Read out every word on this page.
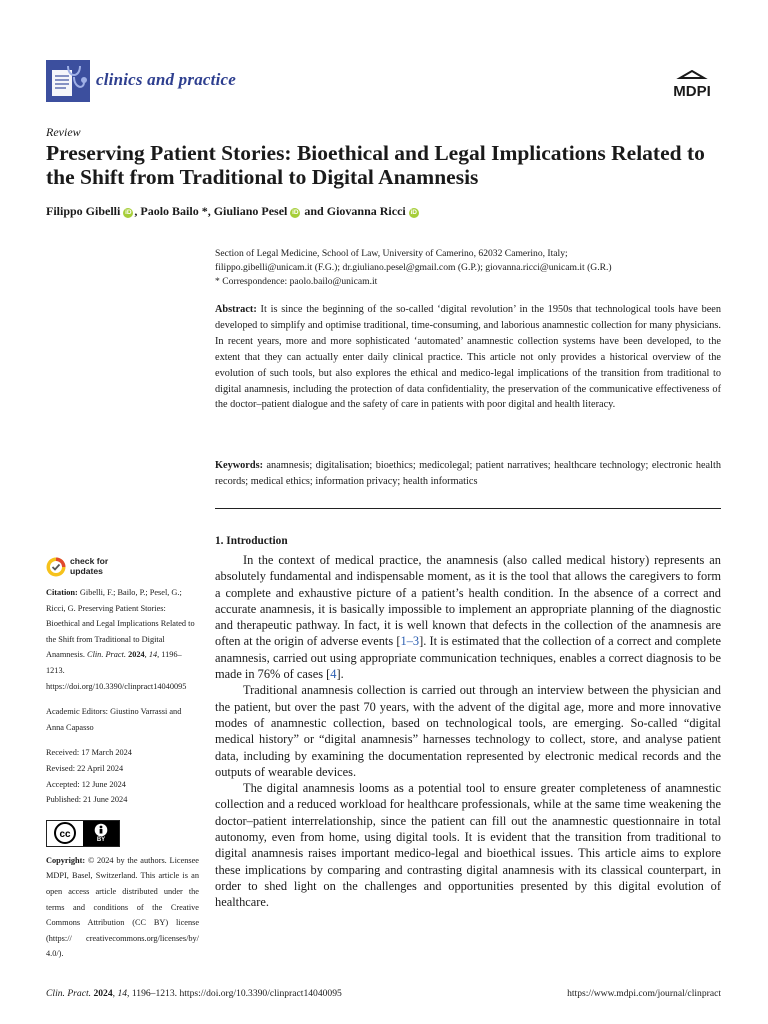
clinics and practice
MDPI
Review
Preserving Patient Stories: Bioethical and Legal Implications Related to the Shift from Traditional to Digital Anamnesis
Filippo Gibelli iD , Paolo Bailo *, Giuliano Pesel iD and Giovanna Ricci iD
Section of Legal Medicine, School of Law, University of Camerino, 62032 Camerino, Italy;
filippo.gibelli@unicam.it (F.G.); dr.giuliano.pesel@gmail.com (G.P.); giovanna.ricci@unicam.it (G.R.)
* Correspondence: paolo.bailo@unicam.it
Abstract: It is since the beginning of the so-called ‘digital revolution’ in the 1950s that technological tools have been developed to simplify and optimise traditional, time-consuming, and laborious anamnestic collection for many physicians. In recent years, more and more sophisticated ‘automated’ anamnestic collection systems have been developed, to the extent that they can actually enter daily clinical practice. This article not only provides a historical overview of the evolution of such tools, but also explores the ethical and medico-legal implications of the transition from traditional to digital anamnesis, including the protection of data confidentiality, the preservation of the communicative effectiveness of the doctor–patient dialogue and the safety of care in patients with poor digital and health literacy.
Keywords: anamnesis; digitalisation; bioethics; medicolegal; patient narratives; healthcare technology; electronic health records; medical ethics; information privacy; health informatics
check for
updates

Citation: Gibelli, F.; Bailo, P.; Pesel, G.; Ricci, G. Preserving Patient Stories: Bioethical and Legal Implications Related to the Shift from Traditional to Digital Anamnesis. Clin. Pract. 2024, 14, 1196–1213. https://doi.org/10.3390/clinpract14040095

Academic Editors: Giustino Varrassi and Anna Capasso

Received: 17 March 2024

Revised: 22 April 2024

Accepted: 12 June 2024

Published: 21 June 2024

cc	BY
Copyright: © 2024 by the authors. Licensee MDPI, Basel, Switzerland. This article is an open access article distributed under the terms and conditions of the Creative Commons Attribution (CC BY) license (https:// creativecommons.org/licenses/by/ 4.0/).
1. Introduction

In the context of medical practice, the anamnesis (also called medical history) represents an absolutely fundamental and indispensable moment, as it is the tool that allows the caregivers to form a complete and exhaustive picture of a patient’s health condition. In the absence of a correct and accurate anamnesis, it is basically impossible to implement an appropriate planning of the diagnostic and therapeutic pathway. In fact, it is well known that defects in the collection of the anamnesis are often at the origin of adverse events [1–3]. It is estimated that the collection of a correct and complete anamnesis, carried out using appropriate communication techniques, enables a correct diagnosis to be made in 76% of cases [4].

Traditional anamnesis collection is carried out through an interview between the physician and the patient, but over the past 70 years, with the advent of the digital age, more and more innovative modes of anamnestic collection, based on technological tools, are emerging. So-called “digital medical history” or “digital anamnesis” harnesses technology to collect, store, and analyse patient data, including by examining the documentation represented by electronic medical records and the outputs of wearable devices.

The digital anamnesis looms as a potential tool to ensure greater completeness of anamnestic collection and a reduced workload for healthcare professionals, while at the same time weakening the doctor–patient interrelationship, since the patient can fill out the anamnestic questionnaire in total autonomy, even from home, using digital tools. It is evident that the transition from traditional to digital anamnesis raises important medico-legal and bioethical issues. This article aims to explore these implications by comparing and contrasting digital anamnesis with its classical counterpart, in order to shed light on the challenges and opportunities presented by this digital evolution of healthcare.

Clin. Pract. 2024, 14, 1196–1213. https://doi.org/10.3390/clinpract14040095	https://www.mdpi.com/journal/clinpract
